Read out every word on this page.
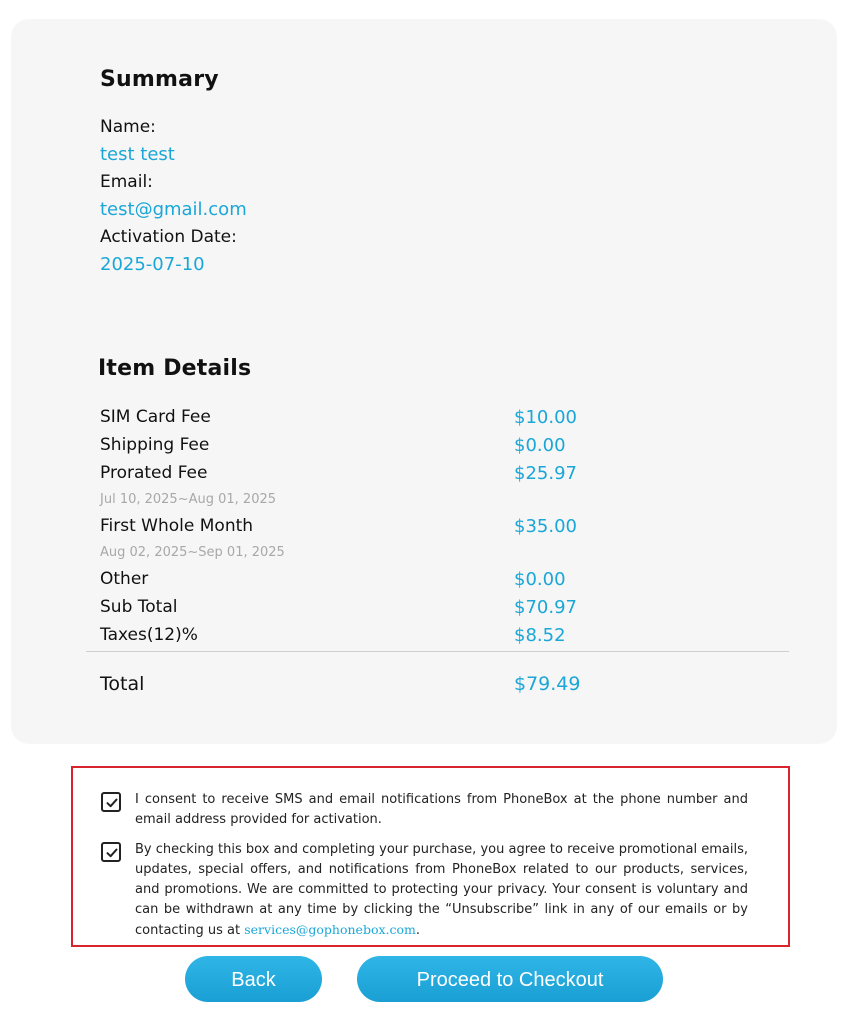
Summary
Name:
test test
Email:
test@gmail.com
Activation Date:
2025-07-10
Item Details
SIM Card Fee	$10.00
Shipping Fee	$0.00
Prorated Fee	$25.97
Jul 10, 2025~Aug 01, 2025
First Whole Month	$35.00
Aug 02, 2025~Sep 01, 2025
Other	$0.00
Sub Total	$70.97
Taxes(12)%	$8.52
Total	$79.49
I consent to receive SMS and email notifications from PhoneBox at the phone number and email address provided for activation.
By checking this box and completing your purchase, you agree to receive promotional emails, updates, special offers, and notifications from PhoneBox related to our products, services, and promotions. We are committed to protecting your privacy. Your consent is voluntary and can be withdrawn at any time by clicking the “Unsubscribe” link in any of our emails or by contacting us at services@gophonebox.com.
Back	Proceed to Checkout
